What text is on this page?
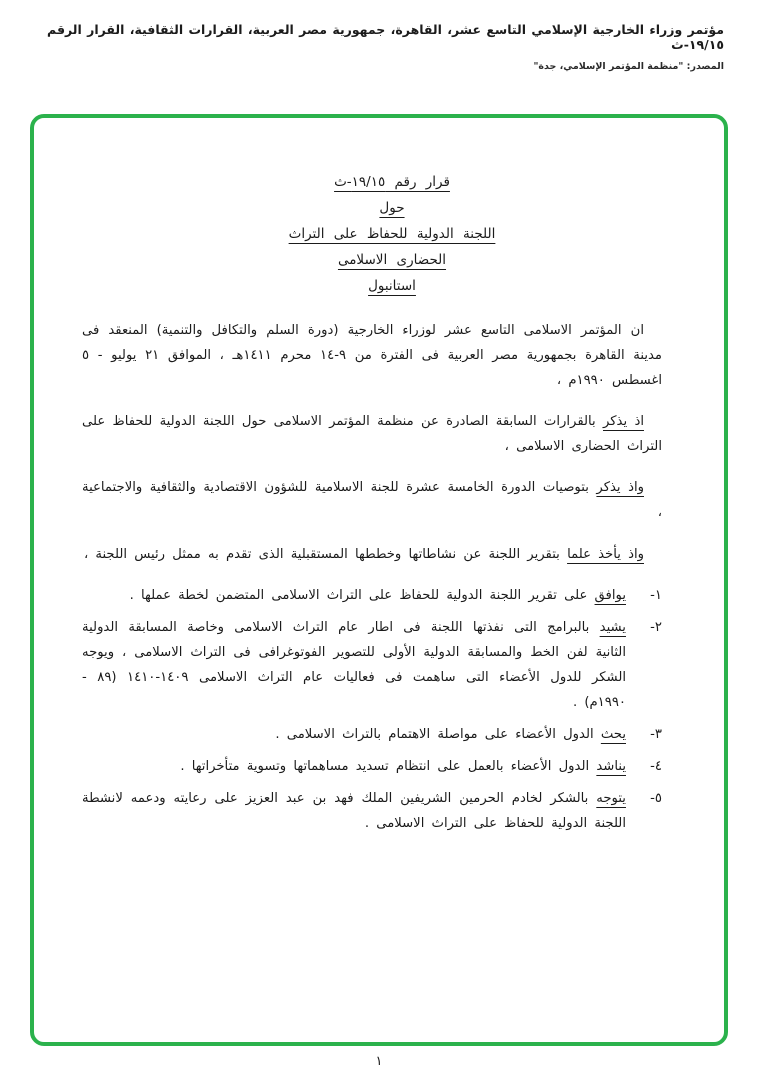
مؤتمر وزراء الخارجية الإسلامي التاسع عشر، القاهرة، جمهورية مصر العربية، القرارات الثقافية، القرار الرقم ١٩/١٥-ث
المصدر: "منظمة المؤتمر الإسلامي، جدة"
قرار رقم ١٩/١٥-ث
حول
اللجنة الدولية للحفاظ على التراث
الحضارى الاسلامى
استانبول

ان المؤتمر الاسلامى التاسع عشر لوزراء الخارجية (دورة السلم والتكافل والتنمية) المنعقد فى مدينة القاهرة بجمهورية مصر العربية فى الفترة من ٩-١٤ محرم ١٤١١هـ ، الموافق ٢١ يوليو - ٥ اغسطس ١٩٩٠م ،

اذ يذكر بالقرارات السابقة الصادرة عن منظمة المؤتمر الاسلامى حول اللجنة الدولية للحفاظ على التراث الحضارى الاسلامى ،

واذ يذكر بتوصيات الدورة الخامسة عشرة للجنة الاسلامية للشؤون الاقتصادية والثقافية والاجتماعية ،

واذ يأخذ علما بتقرير اللجنة عن نشاطاتها وخططها المستقبلية الذى تقدم به ممثل رئيس اللجنة ،

١-
يوافق على تقرير اللجنة الدولية للحفاظ على التراث الاسلامى المتضمن لخطة عملها .
٢-
يشيد بالبرامج التى نفذتها اللجنة فى اطار عام التراث الاسلامى وخاصة المسابقة الدولية الثانية لفن الخط والمسابقة الدولية الأولى للتصوير الفوتوغرافى فى التراث الاسلامى ، ويوجه الشكر للدول الأعضاء التى ساهمت فى فعاليات عام التراث الاسلامى ١٤٠٩-١٤١٠ (٨٩ - ١٩٩٠م) .
٣-
يحث الدول الأعضاء على مواصلة الاهتمام بالتراث الاسلامى .
٤-
يناشد الدول الأعضاء بالعمل على انتظام تسديد مساهماتها وتسوية متأخراتها .
٥-
يتوجه بالشكر لخادم الحرمين الشريفين الملك فهد بن عبد العزيز على رعايته ودعمه لانشطة اللجنة الدولية للحفاظ على التراث الاسلامى .
١
